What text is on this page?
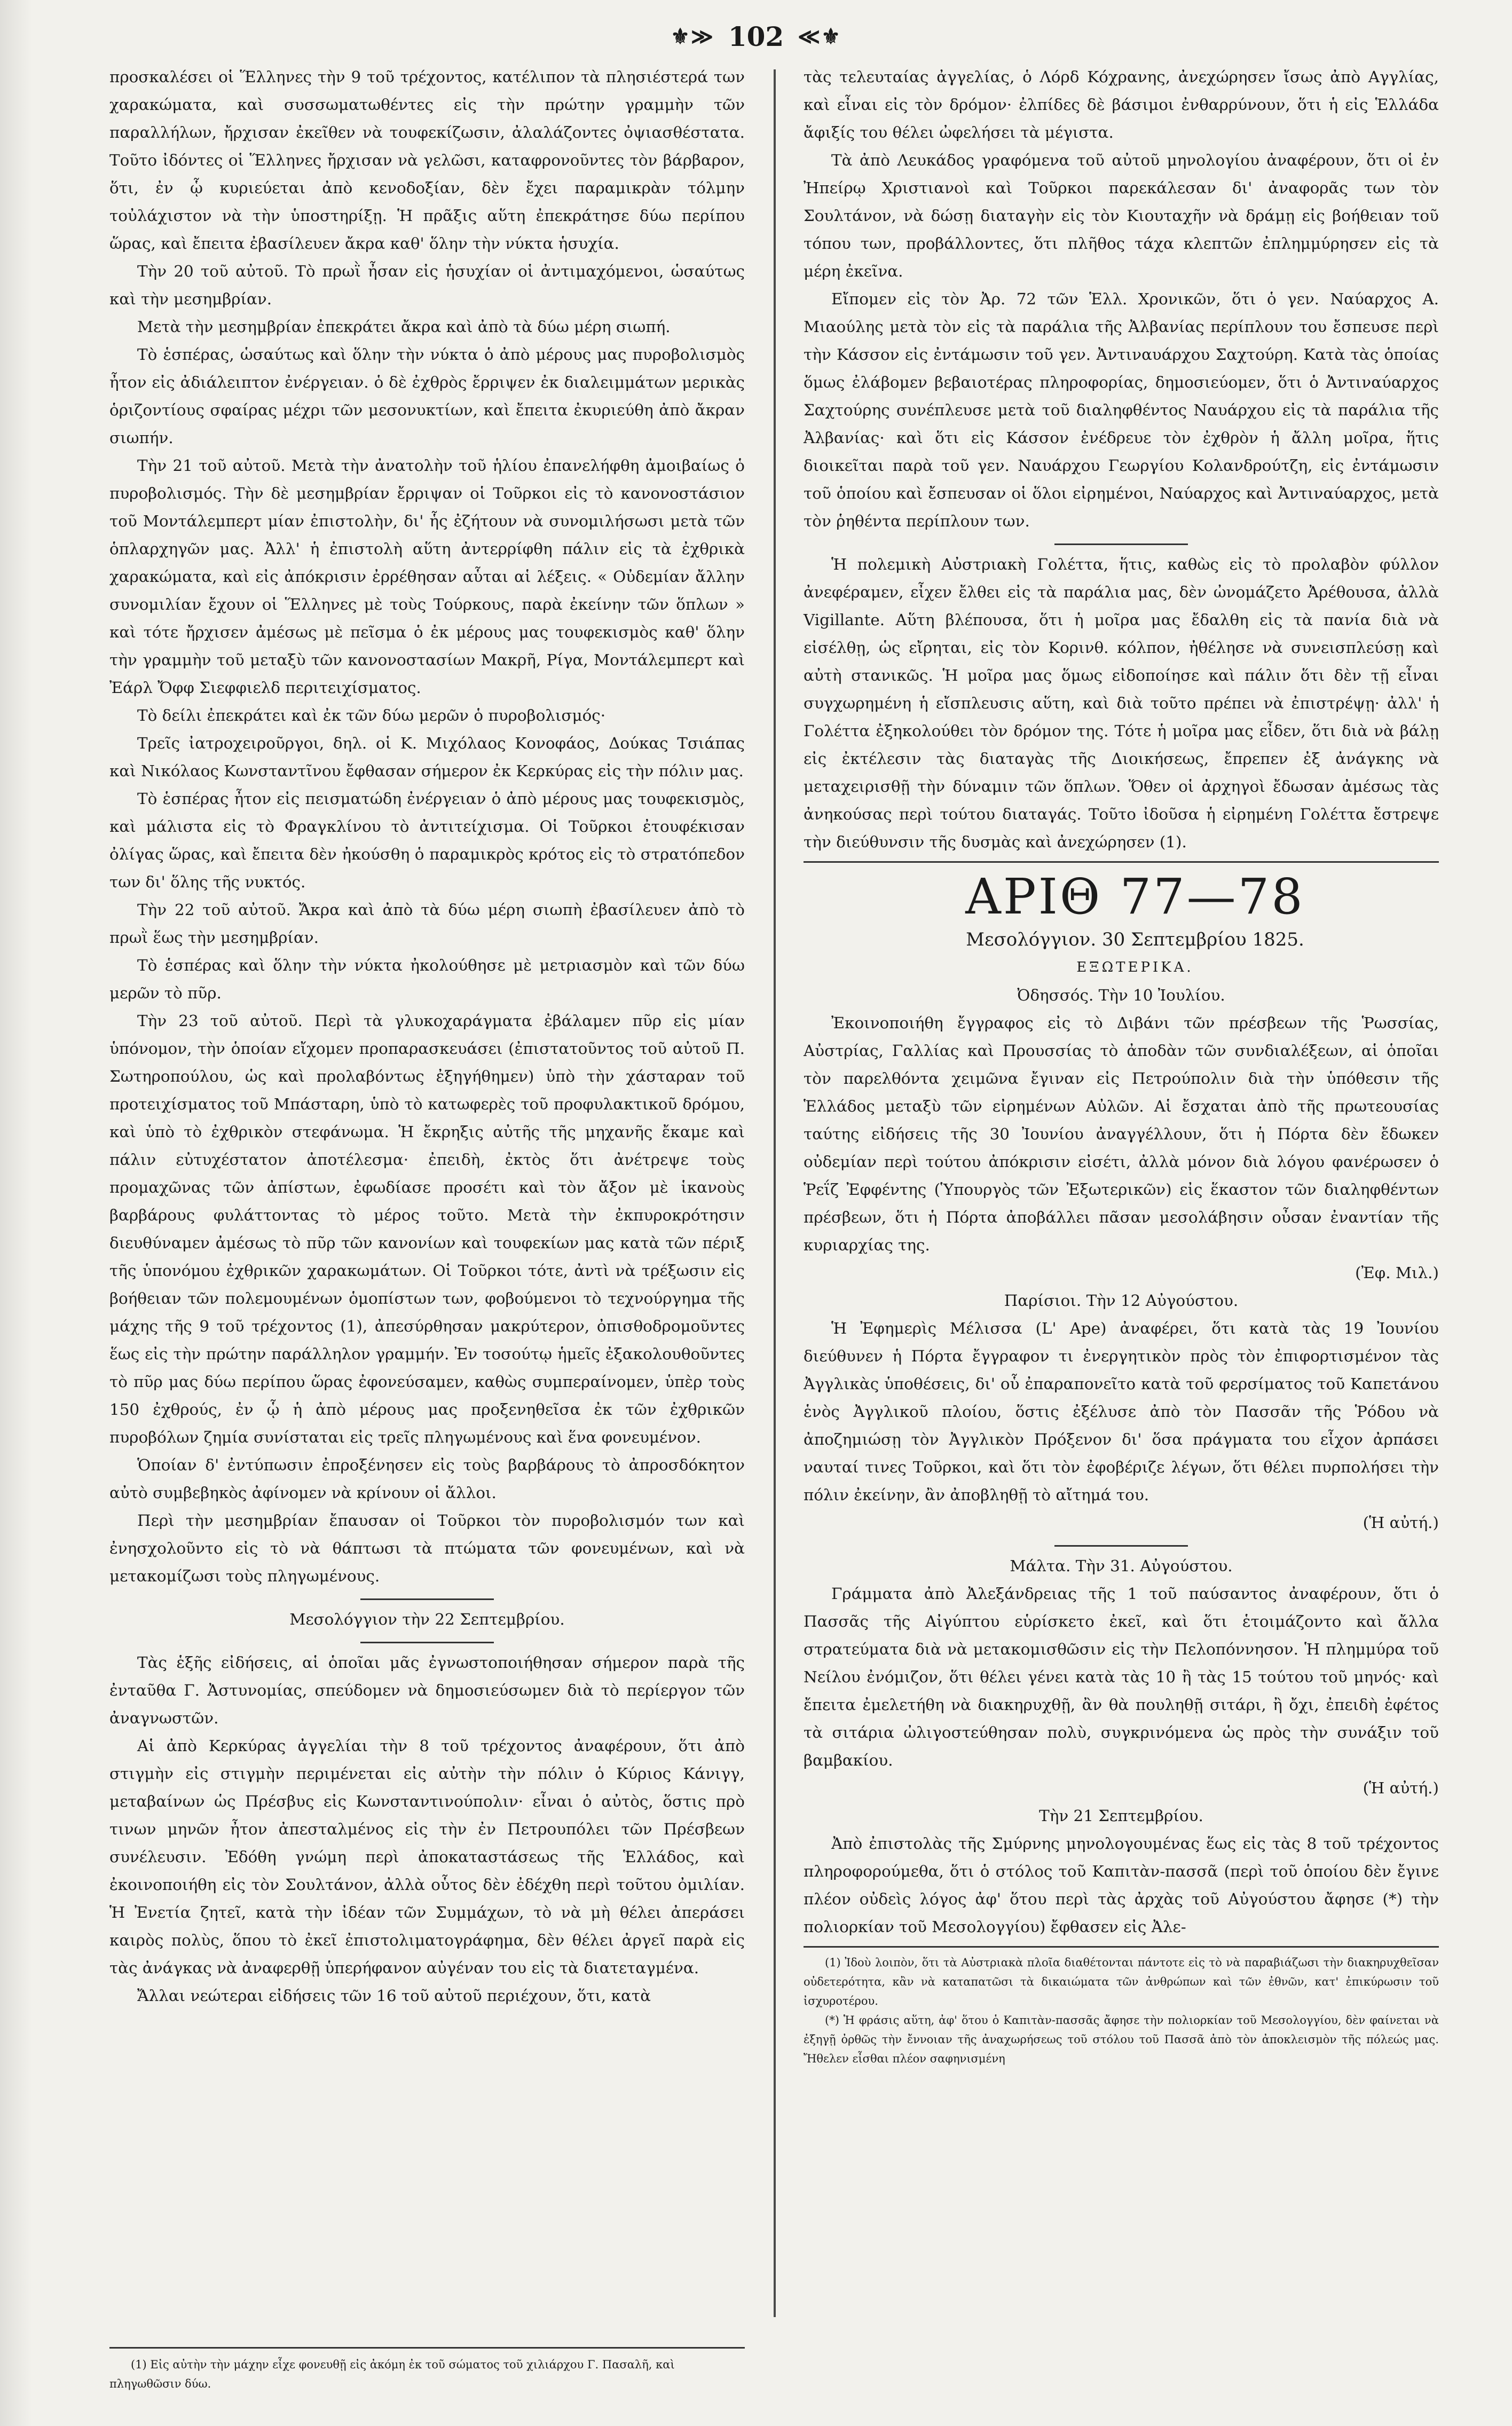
⚜≫ 102 ≪⚜

προσκαλέσει οἱ Ἕλληνες τὴν 9 τοῦ τρέχοντος, κατέλιπον τὰ πλησιέστερά των χαρακώματα, καὶ συσσωματωθέντες εἰς τὴν πρώτην γραμμὴν τῶν παραλλήλων, ἤρχισαν ἐκεῖθεν νὰ τουφεκίζωσιν, ἀλαλάζοντες ὀψιασθέστατα. Τοῦτο ἰδόντες οἱ Ἕλληνες ἤρχισαν νὰ γελῶσι, καταφρονοῦντες τὸν βάρβαρον, ὅτι, ἐν ᾧ κυριεύεται ἀπὸ κενοδοξίαν, δὲν ἔχει παραμικρὰν τόλμην τοὐλάχιστον νὰ τὴν ὑποστηρίξῃ. Ἡ πρᾶξις αὕτη ἐπεκράτησε δύω περίπου ὥρας, καὶ ἔπειτα ἐβασίλευεν ἄκρα καθ' ὅλην τὴν νύκτα ἡσυχία.

Τὴν 20 τοῦ αὐτοῦ. Τὸ πρωῒ ἦσαν εἰς ἡσυχίαν οἱ ἀντιμαχόμενοι, ὡσαύτως καὶ τὴν μεσημβρίαν.

Μετὰ τὴν μεσημβρίαν ἐπεκράτει ἄκρα καὶ ἀπὸ τὰ δύω μέρη σιωπή.

Τὸ ἑσπέρας, ὡσαύτως καὶ ὅλην τὴν νύκτα ὁ ἀπὸ μέρους μας πυροβολισμὸς ἦτον εἰς ἀδιάλειπτον ἐνέργειαν. ὁ δὲ ἐχθρὸς ἔρριψεν ἐκ διαλειμμάτων μερικὰς ὁριζοντίους σφαίρας μέχρι τῶν μεσονυκτίων, καὶ ἔπειτα ἐκυριεύθη ἀπὸ ἄκραν σιωπήν.

Τὴν 21 τοῦ αὐτοῦ. Μετὰ τὴν ἀνατολὴν τοῦ ἡλίου ἐπανελήφθη ἀμοιβαίως ὁ πυροβολισμός. Τὴν δὲ μεσημβρίαν ἔρριψαν οἱ Τοῦρκοι εἰς τὸ κανονοστάσιον τοῦ Μοντάλεμπερτ μίαν ἐπιστολὴν, δι' ἧς ἐζήτουν νὰ συνομιλήσωσι μετὰ τῶν ὁπλαρχηγῶν μας. Ἀλλ' ἡ ἐπιστολὴ αὕτη ἀντερρίφθη πάλιν εἰς τὰ ἐχθρικὰ χαρακώματα, καὶ εἰς ἀπόκρισιν ἐρρέθησαν αὗται αἱ λέξεις. « Οὐδεμίαν ἄλλην συνομιλίαν ἔχουν οἱ Ἕλληνες μὲ τοὺς Τούρκους, παρὰ ἐκείνην τῶν ὅπλων » καὶ τότε ἤρχισεν ἀμέσως μὲ πεῖσμα ὁ ἐκ μέρους μας τουφεκισμὸς καθ' ὅλην τὴν γραμμὴν τοῦ μεταξὺ τῶν κανονοστασίων Μακρῆ, Ρίγα, Μοντάλεμπερτ καὶ Ἐάρλ Ὄφφ Σιεφφιελδ περιτειχίσματος.

Τὸ δείλι ἐπεκράτει καὶ ἐκ τῶν δύω μερῶν ὁ πυροβολισμός·

Τρεῖς ἰατροχειροῦργοι, δηλ. οἱ Κ. Μιχόλαος Κονοφάος, Δούκας Τσιάπας καὶ Νικόλαος Κωνσταντῖνου ἔφθασαν σήμερον ἐκ Κερκύρας εἰς τὴν πόλιν μας.

Τὸ ἑσπέρας ἦτον εἰς πεισματώδη ἐνέργειαν ὁ ἀπὸ μέρους μας τουφεκισμὸς, καὶ μάλιστα εἰς τὸ Φραγκλίνου τὸ ἀντιτείχισμα. Οἱ Τοῦρκοι ἐτουφέκισαν ὀλίγας ὥρας, καὶ ἔπειτα δὲν ἠκούσθη ὁ παραμικρὸς κρότος εἰς τὸ στρατόπεδον των δι' ὅλης τῆς νυκτός.

Τὴν 22 τοῦ αὐτοῦ. Ἄκρα καὶ ἀπὸ τὰ δύω μέρη σιωπὴ ἐβασίλευεν ἀπὸ τὸ πρωῒ ἕως τὴν μεσημβρίαν.

Τὸ ἑσπέρας καὶ ὅλην τὴν νύκτα ἠκολούθησε μὲ μετριασμὸν καὶ τῶν δύω μερῶν τὸ πῦρ.

Τὴν 23 τοῦ αὐτοῦ. Περὶ τὰ γλυκοχαράγματα ἐβάλαμεν πῦρ εἰς μίαν ὑπόνομον, τὴν ὁποίαν εἴχομεν προπαρασκευάσει (ἐπιστατοῦντος τοῦ αὐτοῦ Π. Σωτηροπούλου, ὡς καὶ προλαβόντως ἐξηγήθημεν) ὑπὸ τὴν χάσταραν τοῦ προτειχίσματος τοῦ Μπάσταρη, ὑπὸ τὸ κατωφερὲς τοῦ προφυλακτικοῦ δρόμου, καὶ ὑπὸ τὸ ἐχθρικὸν στεφάνωμα. Ἡ ἔκρηξις αὐτῆς τῆς μηχανῆς ἔκαμε καὶ πάλιν εὐτυχέστατον ἀποτέλεσμα· ἐπειδὴ, ἐκτὸς ὅτι ἀνέτρεψε τοὺς προμαχῶνας τῶν ἀπίστων, ἐφωδίασε προσέτι καὶ τὸν ἄξον μὲ ἱκανοὺς βαρβάρους φυλάττοντας τὸ μέρος τοῦτο. Μετὰ τὴν ἐκπυροκρότησιν διευθύναμεν ἀμέσως τὸ πῦρ τῶν κανονίων καὶ τουφεκίων μας κατὰ τῶν πέριξ τῆς ὑπονόμου ἐχθρικῶν χαρακωμάτων. Οἱ Τοῦρκοι τότε, ἀντὶ νὰ τρέξωσιν εἰς βοήθειαν τῶν πολεμουμένων ὁμοπίστων των, φοβούμενοι τὸ τεχνούργημα τῆς μάχης τῆς 9 τοῦ τρέχοντος (1), ἀπεσύρθησαν μακρύτερον, ὀπισθοδρομοῦντες ἕως εἰς τὴν πρώτην παράλληλον γραμμήν. Ἐν τοσούτῳ ἡμεῖς ἐξακολουθοῦντες τὸ πῦρ μας δύω περίπου ὥρας ἐφονεύσαμεν, καθὼς συμπεραίνομεν, ὑπὲρ τοὺς 150 ἐχθρούς, ἐν ᾧ ἡ ἀπὸ μέρους μας προξενηθεῖσα ἐκ τῶν ἐχθρικῶν πυροβόλων ζημία συνίσταται εἰς τρεῖς πληγωμένους καὶ ἕνα φονευμένον.

Ὁποίαν δ' ἐντύπωσιν ἐπροξένησεν εἰς τοὺς βαρβάρους τὸ ἀπροσδόκητον αὐτὸ συμβεβηκὸς ἀφίνομεν νὰ κρίνουν οἱ ἄλλοι.

Περὶ τὴν μεσημβρίαν ἔπαυσαν οἱ Τοῦρκοι τὸν πυροβολισμόν των καὶ ἐνησχολοῦντο εἰς τὸ νὰ θάπτωσι τὰ πτώματα τῶν φονευμένων, καὶ νὰ μετακομίζωσι τοὺς πληγωμένους.

Μεσολόγγιον τὴν 22 Σεπτεμβρίου.

Τὰς ἑξῆς εἰδήσεις, αἱ ὁποῖαι μᾶς ἐγνωστοποιήθησαν σήμερον παρὰ τῆς ἐνταῦθα Γ. Ἀστυνομίας, σπεύδομεν νὰ δημοσιεύσωμεν διὰ τὸ περίεργον τῶν ἀναγνωστῶν.

Αἱ ἀπὸ Κερκύρας ἀγγελίαι τὴν 8 τοῦ τρέχοντος ἀναφέρουν, ὅτι ἀπὸ στιγμὴν εἰς στιγμὴν περιμένεται εἰς αὐτὴν τὴν πόλιν ὁ Κύριος Κάνιγγ, μεταβαίνων ὡς Πρέσβυς εἰς Κωνσταντινούπολιν· εἶναι ὁ αὐτὸς, ὅστις πρὸ τινων μηνῶν ἦτον ἀπεσταλμένος εἰς τὴν ἐν Πετρουπόλει τῶν Πρέσβεων συνέλευσιν. Ἐδόθη γνώμη περὶ ἀποκαταστάσεως τῆς Ἑλλάδος, καὶ ἐκοινοποιήθη εἰς τὸν Σουλτάνον, ἀλλὰ οὗτος δὲν ἐδέχθη περὶ τοῦτου ὀμιλίαν. Ἡ Ἐνετία ζητεῖ, κατὰ τὴν ἰδέαν τῶν Συμμάχων, τὸ νὰ μὴ θέλει ἀπεράσει καιρὸς πολὺς, ὅπου τὸ ἐκεῖ ἐπιστολιματογράφημα, δὲν θέλει ἀργεῖ παρὰ εἰς τὰς ἀνάγκας νὰ ἀναφερθῇ ὑπερήφανον αὐγέναν του εἰς τὰ διατεταγμένα.

Ἄλλαι νεώτεραι εἰδήσεις τῶν 16 τοῦ αὐτοῦ περιέχουν, ὅτι, κατὰ

(1) Εἰς αὐτὴν τὴν μάχην εἶχε φονευθῇ εἰς ἀκόμη ἐκ τοῦ σώματος τοῦ χιλιάρχου Γ. Πασαλῆ, καὶ πληγωθῶσιν δύω.

τὰς τελευταίας ἀγγελίας, ὁ Λόρδ Κόχρανης, ἀνεχώρησεν ἴσως ἀπὸ Αγγλίας, καὶ εἶναι εἰς τὸν δρόμον· ἐλπίδες δὲ βάσιμοι ἐνθαρρύνουν, ὅτι ἡ εἰς Ἑλλάδα ἄφιξίς του θέλει ὠφελήσει τὰ μέγιστα.

Τὰ ἀπὸ Λευκάδος γραφόμενα τοῦ αὐτοῦ μηνολογίου ἀναφέρουν, ὅτι οἱ ἐν Ἠπείρῳ Χριστιανοὶ καὶ Τοῦρκοι παρεκάλεσαν δι' ἀναφορᾶς των τὸν Σουλτάνον, νὰ δώσῃ διαταγὴν εἰς τὸν Κιουταχῆν νὰ δράμῃ εἰς βοήθειαν τοῦ τόπου των, προβάλλοντες, ὅτι πλῆθος τάχα κλεπτῶν ἐπλημμύρησεν εἰς τὰ μέρη ἐκεῖνα.

Εἴπομεν εἰς τὸν Ἀρ. 72 τῶν Ἑλλ. Χρονικῶν, ὅτι ὁ γεν. Ναύαρχος Α. Μιαούλης μετὰ τὸν εἰς τὰ παράλια τῆς Ἀλβανίας περίπλουν του ἔσπευσε περὶ τὴν Κάσσον εἰς ἐντάμωσιν τοῦ γεν. Ἀντιναυάρχου Σαχτούρη. Κατὰ τὰς ὁποίας ὅμως ἐλάβομεν βεβαιοτέρας πληροφορίας, δημοσιεύομεν, ὅτι ὁ Ἀντιναύαρχος Σαχτούρης συνέπλευσε μετὰ τοῦ διαληφθέντος Ναυάρχου εἰς τὰ παράλια τῆς Ἀλβανίας· καὶ ὅτι εἰς Κάσσον ἐνέδρευε τὸν ἐχθρὸν ἡ ἄλλη μοῖρα, ἥτις διοικεῖται παρὰ τοῦ γεν. Ναυάρχου Γεωργίου Κολανδρούτζη, εἰς ἐντάμωσιν τοῦ ὁποίου καὶ ἔσπευσαν οἱ ὅλοι εἰρημένοι, Ναύαρχος καὶ Ἀντιναύαρχος, μετὰ τὸν ῥηθέντα περίπλουν των.

Ἡ πολεμικὴ Αὐστριακὴ Γολέττα, ἥτις, καθὼς εἰς τὸ προλαβὸν φύλλον ἀνεφέραμεν, εἶχεν ἔλθει εἰς τὰ παράλια μας, δὲν ὠνομάζετο Ἀρέθουσα, ἀλλὰ Vigillante. Αὕτη βλέπουσα, ὅτι ἡ μοῖρα μας ἔδαλθη εἰς τὰ πανία διὰ νὰ εἰσέλθῃ, ὡς εἴρηται, εἰς τὸν Κορινθ. κόλπον, ἠθέλησε νὰ συνεισπλεύσῃ καὶ αὐτὴ στανικῶς. Ἡ μοῖρα μας ὅμως εἰδοποίησε καὶ πάλιν ὅτι δὲν τῇ εἶναι συγχωρημένη ἡ εἴσπλευσις αὕτη, καὶ διὰ τοῦτο πρέπει νὰ ἐπιστρέψῃ· ἀλλ' ἡ Γολέττα ἐξηκολούθει τὸν δρόμον της. Τότε ἡ μοῖρα μας εἶδεν, ὅτι διὰ νὰ βάλῃ εἰς ἐκτέλεσιν τὰς διαταγὰς τῆς Διοικήσεως, ἔπρεπεν ἐξ ἀνάγκης νὰ μεταχειρισθῇ τὴν δύναμιν τῶν ὅπλων. Ὅθεν οἱ ἀρχηγοὶ ἔδωσαν ἀμέσως τὰς ἀνηκούσας περὶ τούτου διαταγάς. Τοῦτο ἰδοῦσα ἡ εἰρημένη Γολέττα ἔστρεψε τὴν διεύθυνσιν τῆς δυσμὰς καὶ ἀνεχώρησεν (1).

ΑΡΙΘ 77—78

Μεσολόγγιον. 30 Σεπτεμβρίου 1825.

ΕΞΩΤΕΡΙΚΑ.

Ὀδησσός. Τὴν 10 Ἰουλίου.

Ἐκοινοποιήθη ἔγγραφος εἰς τὸ Διβάνι τῶν πρέσβεων τῆς Ῥωσσίας, Αὐστρίας, Γαλλίας καὶ Προυσσίας τὸ ἀποδὰν τῶν συνδιαλέξεων, αἱ ὁποῖαι τὸν παρελθόντα χειμῶνα ἔγιναν εἰς Πετρούπολιν διὰ τὴν ὑπόθεσιν τῆς Ἑλλάδος μεταξὺ τῶν εἰρημένων Αὐλῶν. Αἱ ἔσχαται ἀπὸ τῆς πρωτεουσίας ταύτης εἰδήσεις τῆς 30 Ἰουνίου ἀναγγέλλουν, ὅτι ἡ Πόρτα δὲν ἔδωκεν οὐδεμίαν περὶ τούτου ἀπόκρισιν εἰσέτι, ἀλλὰ μόνον διὰ λόγου φανέρωσεν ὁ Ῥεΐζ Ἐφφέντης (Ὑπουργὸς τῶν Ἐξωτερικῶν) εἰς ἕκαστον τῶν διαληφθέντων πρέσβεων, ὅτι ἡ Πόρτα ἀποβάλλει πᾶσαν μεσολάβησιν οὖσαν ἐναντίαν τῆς κυριαρχίας της.

(Ἐφ. Μιλ.)

Παρίσιοι. Τὴν 12 Αὐγούστου.

Ἡ Ἐφημερὶς Μέλισσα (L' Ape) ἀναφέρει, ὅτι κατὰ τὰς 19 Ἰουνίου διεύθυνεν ἡ Πόρτα ἔγγραφον τι ἐνεργητικὸν πρὸς τὸν ἐπιφορτισμένον τὰς Ἀγγλικὰς ὑποθέσεις, δι' οὗ ἐπαραπονεῖτο κατὰ τοῦ φερσίματος τοῦ Καπετάνου ἑνὸς Ἀγγλικοῦ πλοίου, ὅστις ἐξέλυσε ἀπὸ τὸν Πασσᾶν τῆς Ῥόδου νὰ ἀποζημιώσῃ τὸν Ἀγγλικὸν Πρόξενον δι' ὅσα πράγματα του εἶχον ἀρπάσει ναυταί τινες Τοῦρκοι, καὶ ὅτι τὸν ἐφοβέριζε λέγων, ὅτι θέλει πυρπολήσει τὴν πόλιν ἐκείνην, ἂν ἀποβληθῇ τὸ αἴτημά του.

(Ἡ αὐτή.)

Μάλτα. Τὴν 31. Αὐγούστου.

Γράμματα ἀπὸ Ἀλεξάνδρειας τῆς 1 τοῦ παύσαντος ἀναφέρουν, ὅτι ὁ Πασσᾶς τῆς Αἰγύπτου εὑρίσκετο ἐκεῖ, καὶ ὅτι ἑτοιμάζοντο καὶ ἄλλα στρατεύματα διὰ νὰ μετακομισθῶσιν εἰς τὴν Πελοπόννησον. Ἡ πλημμύρα τοῦ Νείλου ἐνόμιζον, ὅτι θέλει γένει κατὰ τὰς 10 ἢ τὰς 15 τούτου τοῦ μηνός· καὶ ἔπειτα ἐμελετήθη νὰ διακηρυχθῇ, ἂν θὰ πουληθῇ σιτάρι, ἢ ὄχι, ἐπειδὴ ἐφέτος τὰ σιτάρια ὠλιγοστεύθησαν πολὺ, συγκρινόμενα ὡς πρὸς τὴν συνάξιν τοῦ βαμβακίου.

(Ἡ αὐτή.)

Τὴν 21 Σεπτεμβρίου.

Ἀπὸ ἐπιστολὰς τῆς Σμύρνης μηνολογουμένας ἕως εἰς τὰς 8 τοῦ τρέχοντος πληροφορούμεθα, ὅτι ὁ στόλος τοῦ Καπιτὰν-πασσᾶ (περὶ τοῦ ὁποίου δὲν ἔγινε πλέον οὐδεὶς λόγος ἀφ' ὅτου περὶ τὰς ἀρχὰς τοῦ Αὐγούστου ἄφησε (*) τὴν πολιορκίαν τοῦ Μεσολογγίου) ἔφθασεν εἰς Ἀλε-

(1) Ἰδοὺ λοιπὸν, ὅτι τὰ Αὐστριακὰ πλοῖα διαθέτονται πάντοτε εἰς τὸ νὰ παραβιάζωσι τὴν διακηρυχθεῖσαν οὐδετερότητα, κἂν νὰ καταπατῶσι τὰ δικαιώματα τῶν ἀνθρώπων καὶ τῶν ἐθνῶν, κατ' ἐπικύρωσιν τοῦ ἰσχυροτέρου.

(*) Ἡ φράσις αὕτη, ἀφ' ὅτου ὁ Καπιτὰν-πασσᾶς ἄφησε τὴν πολιορκίαν τοῦ Μεσολογγίου, δὲν φαίνεται νὰ ἐξηγῇ ὀρθῶς τὴν ἔννοιαν τῆς ἀναχωρήσεως τοῦ στόλου τοῦ Πασσᾶ ἀπὸ τὸν ἀποκλεισμὸν τῆς πόλεώς μας. Ἤθελεν εἶσθαι πλέον σαφηνισμένη
